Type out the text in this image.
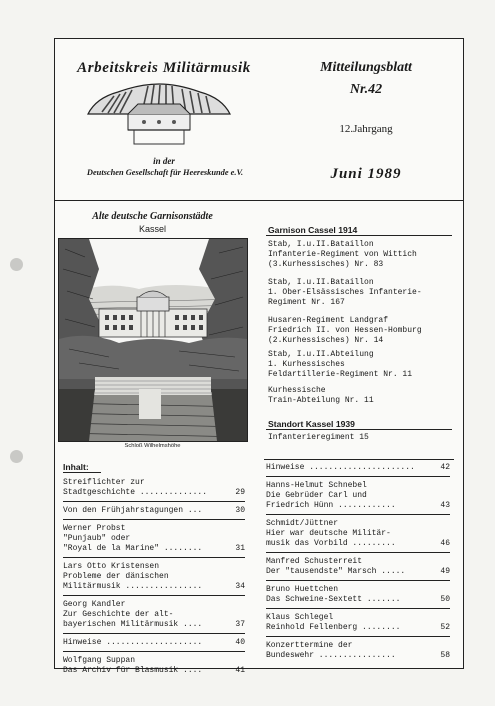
Arbeitskreis Militärmusik
in der
Deutschen Gesellschaft für Heereskunde e.V.
Mitteilungsblatt
Nr.42
12.Jahrgang
Juni 1989
Alte deutsche Garnisonstädte
Kassel
Schloß Wilhelmshöhe
Garnison Cassel 1914
Stab, I.u.II.Bataillon
Infanterie-Regiment von Wittich
(3.Kurhessisches) Nr. 83
Stab, I.u.II.Bataillon
1. Ober-Elsässisches Infanterie-
Regiment Nr. 167
Husaren-Regiment Landgraf
Friedrich II. von Hessen-Homburg
(2.Kurhessisches) Nr. 14
Stab, I.u.II.Abteilung
1. Kurhessisches
Feldartillerie-Regiment Nr. 11
Kurhessische
Train-Abteilung Nr. 11
Standort Kassel 1939
Infanterieregiment 15
Inhalt:
Streiflichter zur
Stadtgeschichte ..............	29
Von den Frühjahrstagungen ...	30
Werner Probst
"Punjaub" oder
"Royal de la Marine" ........	31
Lars Otto Kristensen
Probleme der dänischen
Militärmusik ................	34
Georg Kandler
Zur Geschichte der alt-
bayerischen Militärmusik ....	37
Hinweise ....................	40
Wolfgang Suppan
Das Archiv für Blasmusik ....	41
Hinweise ......................	42
Hanns-Helmut Schnebel
Die Gebrüder Carl und
Friedrich Hünn ............	43
Schmidt/Jüttner
Hier war deutsche Militär-
musik das Vorbild .........	46
Manfred Schusterreit
Der "tausendste" Marsch .....	49
Bruno Huettchen
Das Schweine-Sextett .......	50
Klaus Schlegel
Reinhold Fellenberg ........	52
Konzerttermine der
Bundeswehr ................	58
